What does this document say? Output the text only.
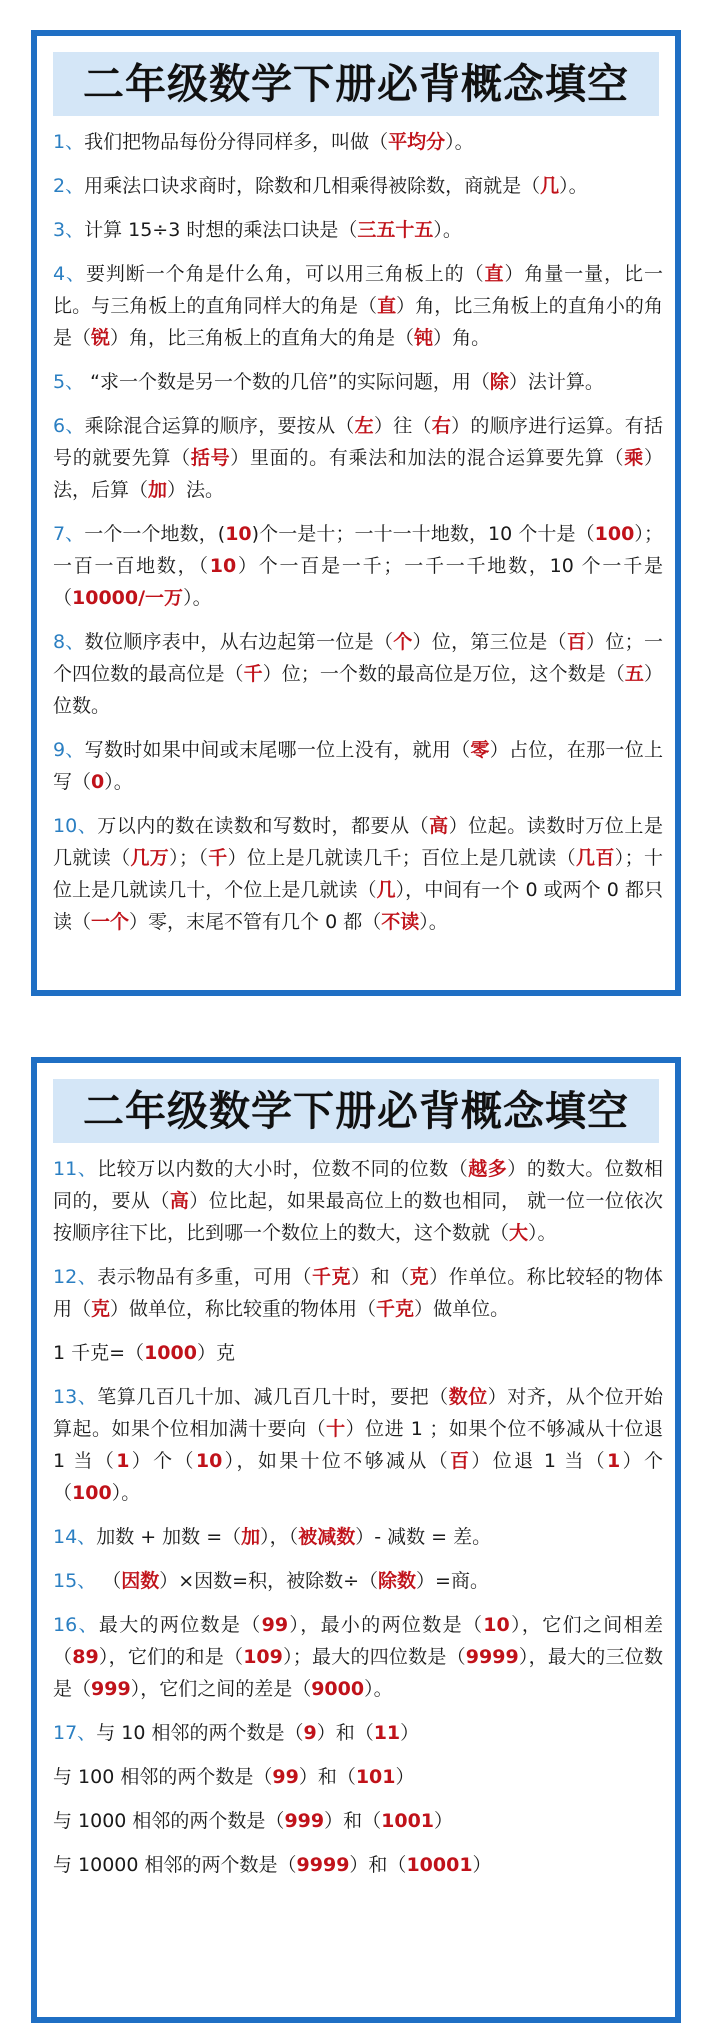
二年级数学下册必背概念填空

1、我们把物品每份分得同样多，叫做（平均分）。

2、用乘法口诀求商时，除数和几相乘得被除数，商就是（几）。

3、计算 15÷3 时想的乘法口诀是（三五十五）。

4、要判断一个角是什么角，可以用三角板上的（直）角量一量，比一比。与三角板上的直角同样大的角是（直）角，比三角板上的直角小的角是（锐）角，比三角板上的直角大的角是（钝）角。

5、 “求一个数是另一个数的几倍”的实际问题，用（除）法计算。

6、乘除混合运算的顺序，要按从（左）往（右）的顺序进行运算。有括号的就要先算（括号）里面的。有乘法和加法的混合运算要先算（乘）法，后算（加）法。

7、一个一个地数，(10)个一是十；一十一十地数，10 个十是（100）；一百一百地数，（10）个一百是一千；一千一千地数，10 个一千是（10000/一万）。

8、数位顺序表中，从右边起第一位是（个）位，第三位是（百）位；一个四位数的最高位是（千）位；一个数的最高位是万位，这个数是（五）位数。

9、写数时如果中间或末尾哪一位上没有，就用（零）占位，在那一位上写（0）。

10、万以内的数在读数和写数时，都要从（高）位起。读数时万位上是几就读（几万）；（千）位上是几就读几千；百位上是几就读（几百）；十位上是几就读几十，个位上是几就读（几），中间有一个 0 或两个 0 都只读（一个）零，末尾不管有几个 0 都（不读）。

二年级数学下册必背概念填空

11、比较万以内数的大小时，位数不同的位数（越多）的数大。位数相同的，要从（高）位比起，如果最高位上的数也相同， 就一位一位依次按顺序往下比，比到哪一个数位上的数大，这个数就（大）。

12、表示物品有多重，可用（千克）和（克）作单位。称比较轻的物体用（克）做单位，称比较重的物体用（千克）做单位。

1 千克=（1000）克

13、笔算几百几十加、减几百几十时，要把（数位）对齐，从个位开始算起。如果个位相加满十要向（十）位进 1 ；如果个位不够减从十位退 1 当（1）个（10），如果十位不够减从（百）位退 1 当（1）个（100）。

14、加数 + 加数 =（加），（被减数）- 减数 = 差。

15、 （因数）×因数=积，被除数÷（除数）=商。

16、最大的两位数是（99），最小的两位数是（10），它们之间相差（89），它们的和是（109）；最大的四位数是（9999），最大的三位数是（999），它们之间的差是（9000）。

17、与 10 相邻的两个数是（9）和（11）

与 100 相邻的两个数是（99）和（101）

与 1000 相邻的两个数是（999）和（1001）

与 10000 相邻的两个数是（9999）和（10001）
